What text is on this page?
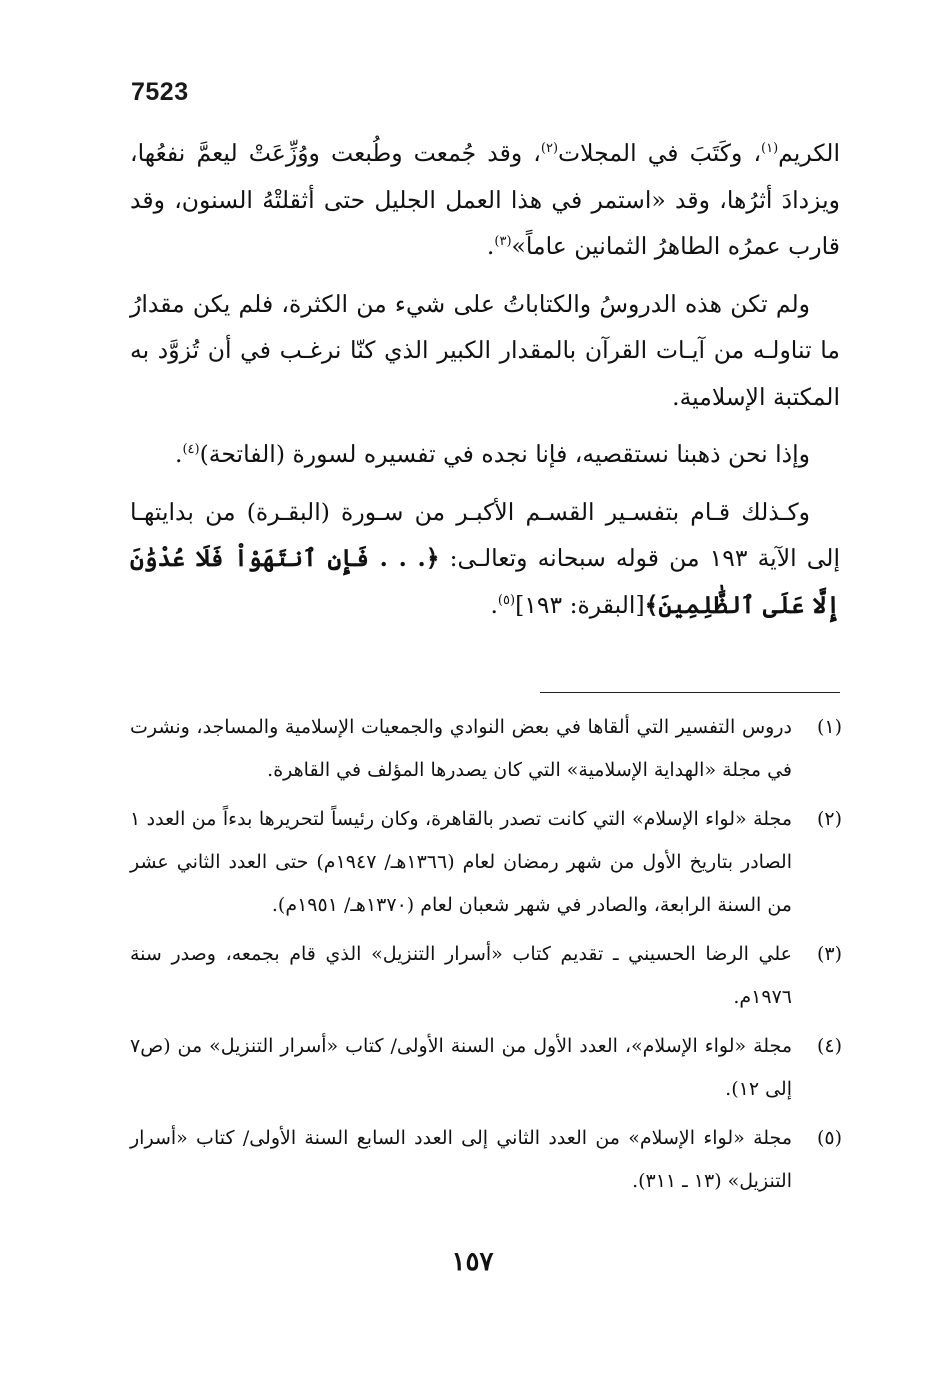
7523

الكريم$^{(١)}$، وكَتَبَ في المجلات$^{(٢)}$، وقد جُمعت وطُبعت ووُزِّعَتْ ليعمَّ نفعُها، ويزدادَ أثرُها، وقد «استمر في هذا العمل الجليل حتى أثقلتْهُ السنون، وقد قارب عمرُه الطاهرُ الثمانين عاماً»$^{(٣)}$.

ولم تكن هذه الدروسُ والكتاباتُ على شيء من الكثرة، فلم يكن مقدارُ ما تناولـه من آيـات القرآن بالمقدار الكبير الذي كنّا نرغـب في أن تُزوَّد به المكتبة الإسلامية.

وإذا نحن ذهبنا نستقصيه، فإنا نجده في تفسيره لسورة (الفاتحة)$^{(٤)}$.

وكـذلك قـام بتفسـير القسـم الأكبـر من سـورة (البقـرة) من بدايتهـا إلى الآية ١٩٣ من قوله سبحانه وتعالـى: ﴿. . . فَإِنِ ٱنتَهَوْاْ فَلَا عُدْوَٰنَ إِلَّا عَلَى ٱلظَّٰلِمِينَ﴾[البقرة: ١٩٣]$^{(٥)}$.

(١)
دروس التفسير التي ألقاها في بعض النوادي والجمعيات الإسلامية والمساجد، ونشرت في مجلة «الهداية الإسلامية» التي كان يصدرها المؤلف في القاهرة.
(٢)
مجلة «لواء الإسلام» التي كانت تصدر بالقاهرة، وكان رئيساً لتحريرها بدءاً من العدد ١ الصادر بتاريخ الأول من شهر رمضان لعام (١٣٦٦هـ/ ١٩٤٧م) حتى العدد الثاني عشر من السنة الرابعة، والصادر في شهر شعبان لعام (١٣٧٠هـ/ ١٩٥١م).
(٣)
علي الرضا الحسيني ـ تقديم كتاب «أسرار التنزيل» الذي قام بجمعه، وصدر سنة ١٩٧٦م.
(٤)
مجلة «لواء الإسلام»، العدد الأول من السنة الأولى/ كتاب «أسرار التنزيل» من (ص٧ إلى ١٢).
(٥)
مجلة «لواء الإسلام» من العدد الثاني إلى العدد السابع السنة الأولى/ كتاب «أسرار التنزيل» (١٣ ـ ٣١١).
١٥٧
